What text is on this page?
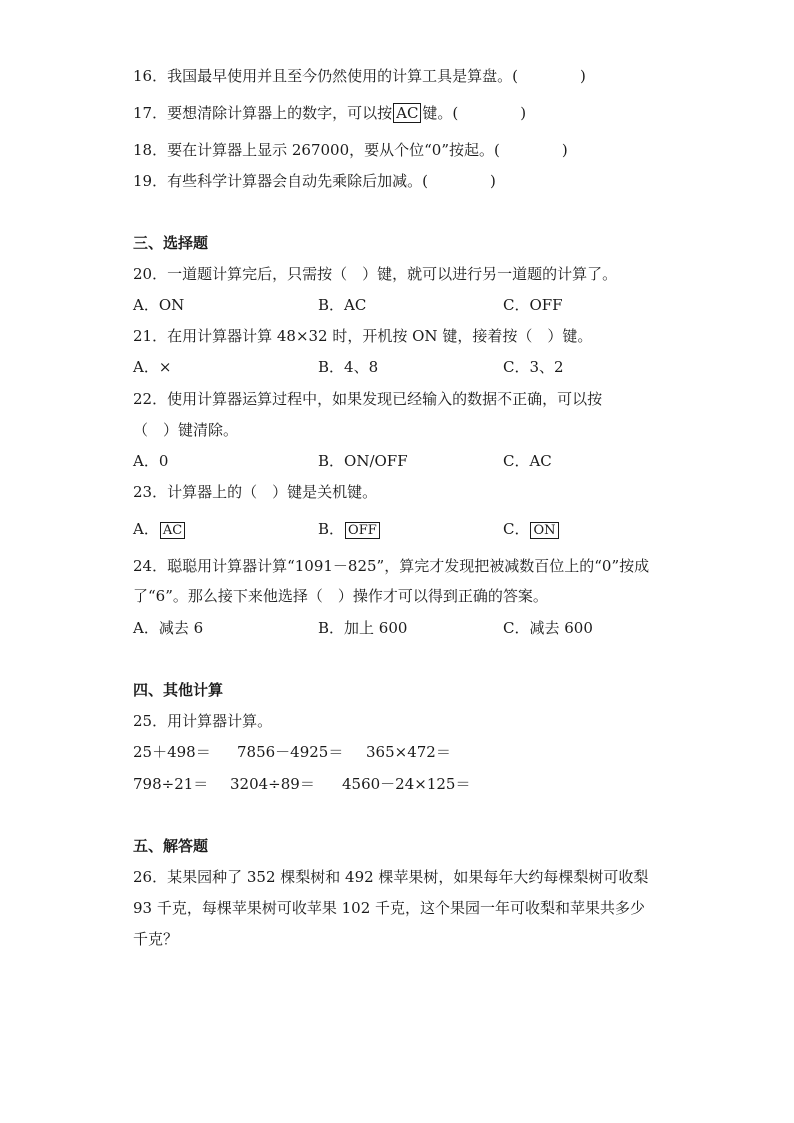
16．我国最早使用并且至今仍然使用的计算工具是算盘。(	)
17．要想清除计算器上的数字，可以按 AC 键。(	)
18．要在计算器上显示 267000，要从个位“0”按起。(	)
19．有些科学计算器会自动先乘除后加减。(	)
三、选择题
20．一道题计算完后，只需按（　）键，就可以进行另一道题的计算了。
A．ON	B．AC	C．OFF
21．在用计算器计算 48×32 时，开机按 ON 键，接着按（　）键。
A．×	B．4、8	C．3、2
22．使用计算器运算过程中，如果发现已经输入的数据不正确，可以按
（　）键清除。
A．0	B．ON/OFF	C．AC
23．计算器上的（　）键是关机键。
A． AC	B． OFF	C． ON
24．聪聪用计算器计算“1091－825”，算完才发现把被减数百位上的“0”按成
了“6”。那么接下来他选择（　）操作才可以得到正确的答案。
A．减去 6	B．加上 600	C．减去 600
四、其他计算
25．用计算器计算。
25＋498＝ 7856－4925＝ 365×472＝
798÷21＝ 3204÷89＝ 4560－24×125＝
五、解答题
26．某果园种了 352 棵梨树和 492 棵苹果树，如果每年大约每棵梨树可收梨
93 千克，每棵苹果树可收苹果 102 千克，这个果园一年可收梨和苹果共多少
千克？
